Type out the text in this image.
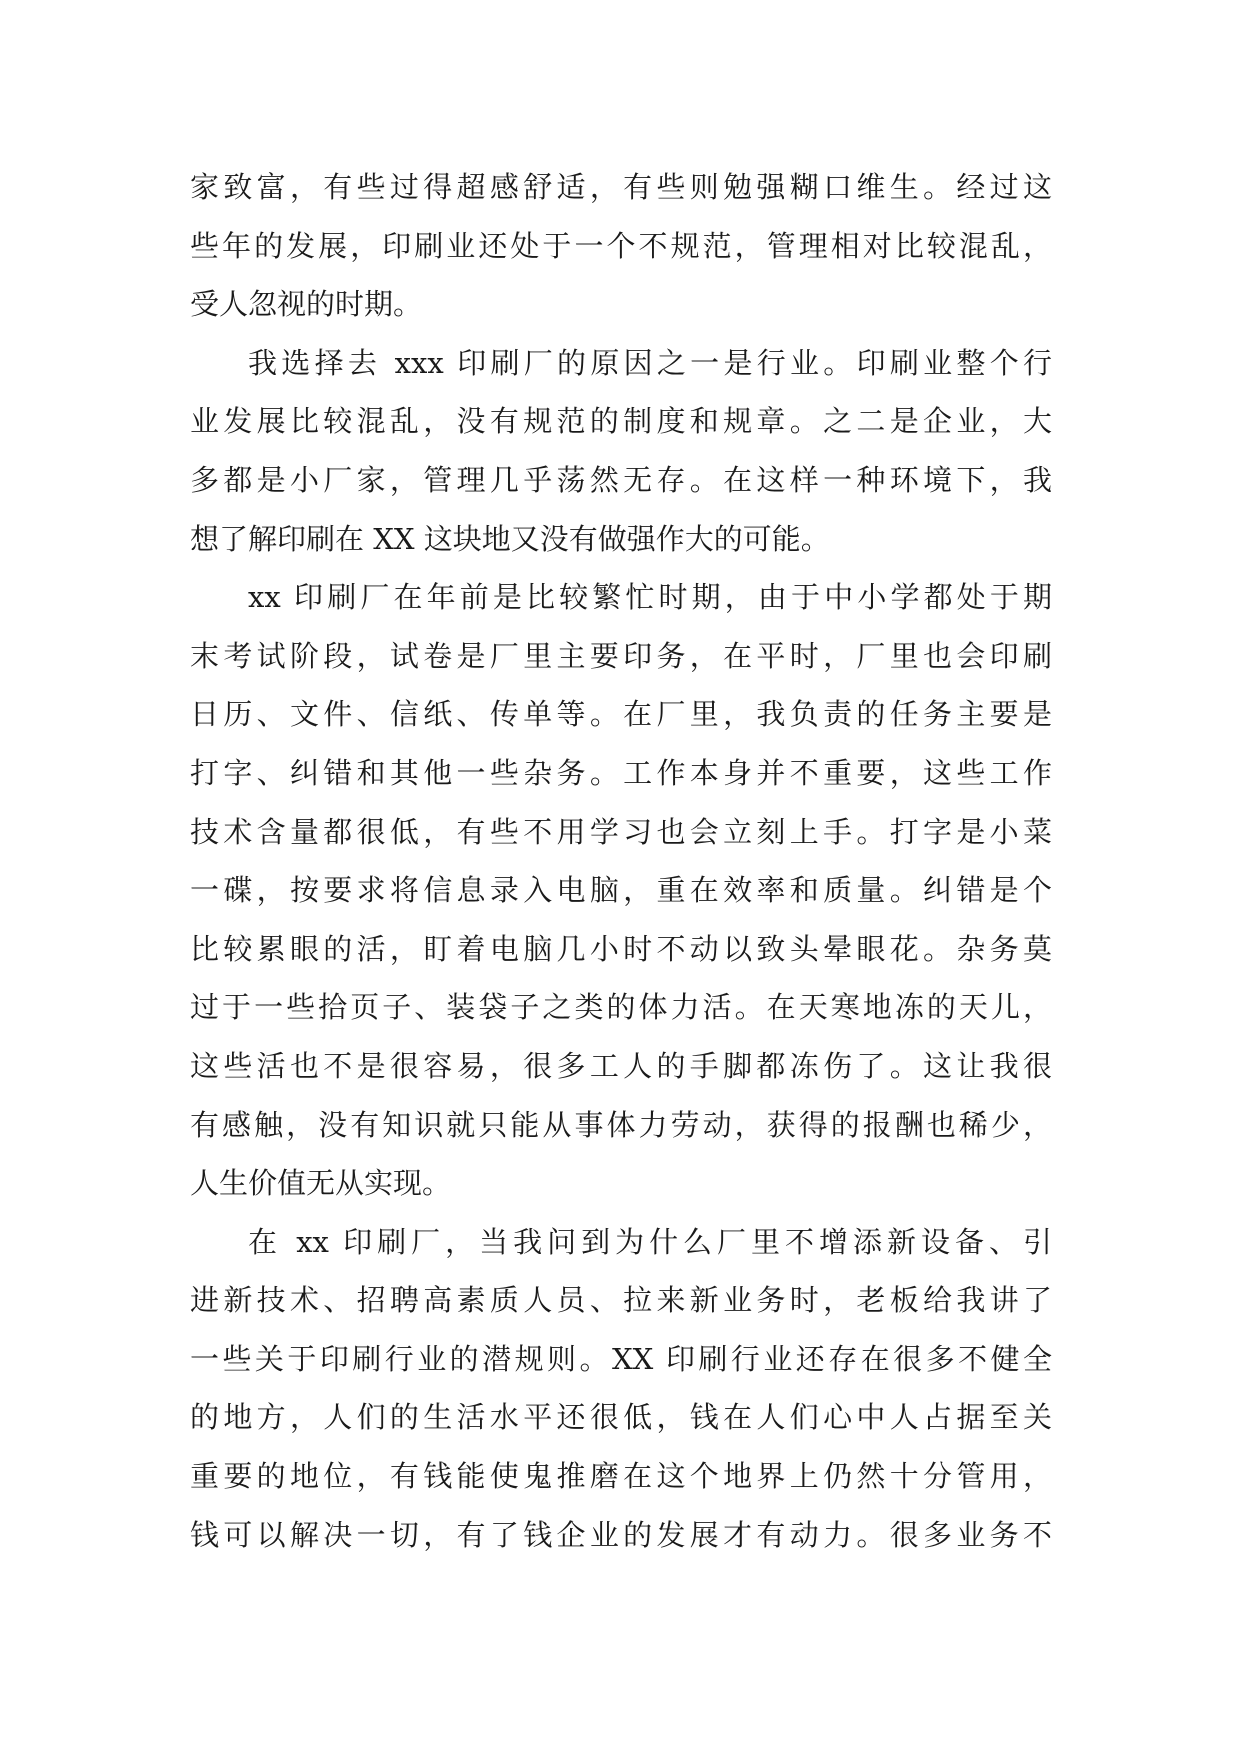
家致富，有些过得超感舒适，有些则勉强糊口维生。经过这
些年的发展，印刷业还处于一个不规范，管理相对比较混乱，
受人忽视的时期。
我选择去 xxx 印刷厂的原因之一是行业。印刷业整个行
业发展比较混乱，没有规范的制度和规章。之二是企业，大
多都是小厂家，管理几乎荡然无存。在这样一种环境下，我
想了解印刷在 XX 这块地又没有做强作大的可能。
xx 印刷厂在年前是比较繁忙时期，由于中小学都处于期
末考试阶段，试卷是厂里主要印务，在平时，厂里也会印刷
日历、文件、信纸、传单等。在厂里，我负责的任务主要是
打字、纠错和其他一些杂务。工作本身并不重要，这些工作
技术含量都很低，有些不用学习也会立刻上手。打字是小菜
一碟，按要求将信息录入电脑，重在效率和质量。纠错是个
比较累眼的活，盯着电脑几小时不动以致头晕眼花。杂务莫
过于一些拾页子、装袋子之类的体力活。在天寒地冻的天儿，
这些活也不是很容易，很多工人的手脚都冻伤了。这让我很
有感触，没有知识就只能从事体力劳动，获得的报酬也稀少，
人生价值无从实现。
在 xx 印刷厂，当我问到为什么厂里不增添新设备、引
进新技术、招聘高素质人员、拉来新业务时，老板给我讲了
一些关于印刷行业的潜规则。XX 印刷行业还存在很多不健全
的地方，人们的生活水平还很低，钱在人们心中人占据至关
重要的地位，有钱能使鬼推磨在这个地界上仍然十分管用，
钱可以解决一切，有了钱企业的发展才有动力。很多业务不
